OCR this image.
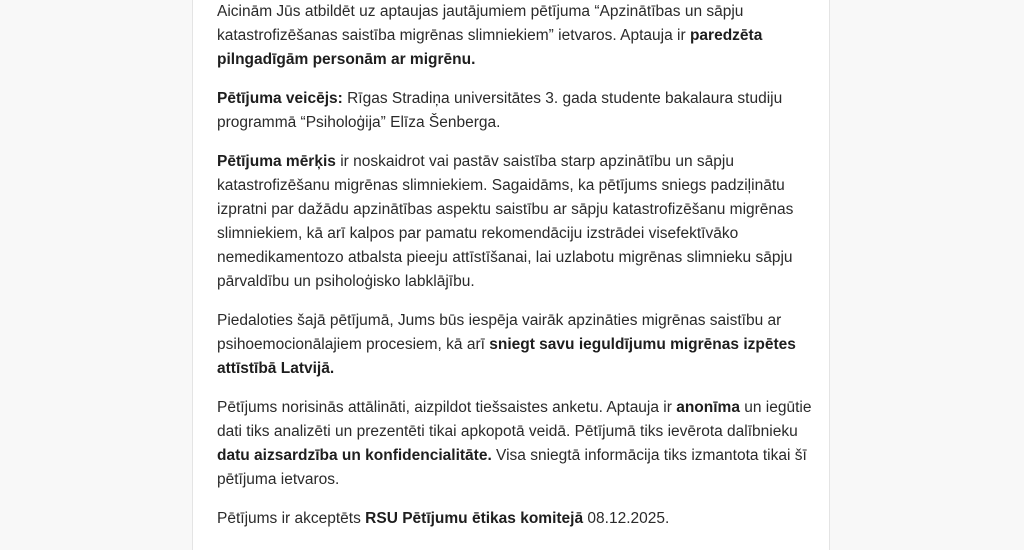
Aicinām Jūs atbildēt uz aptaujas jautājumiem pētījuma “Apzinātības un sāpju katastrofizēšanas saistība migrēnas slimniekiem” ietvaros. Aptauja ir paredzēta pilngadīgām personām ar migrēnu.

Pētījuma veicējs: Rīgas Stradiņa universitātes 3. gada studente bakalaura studiju programmā “Psiholoģija” Elīza Šenberga.

Pētījuma mērķis ir noskaidrot vai pastāv saistība starp apzinātību un sāpju katastrofizēšanu migrēnas slimniekiem. Sagaidāms, ka pētījums sniegs padziļinātu izpratni par dažādu apzinātības aspektu saistību ar sāpju katastrofizēšanu migrēnas slimniekiem, kā arī kalpos par pamatu rekomendāciju izstrādei visefektīvāko nemedikamentozo atbalsta pieeju attīstīšanai, lai uzlabotu migrēnas slimnieku sāpju pārvaldību un psiholoģisko labklājību.

Piedaloties šajā pētījumā, Jums būs iespēja vairāk apzināties migrēnas saistību ar psihoemocionālajiem procesiem, kā arī sniegt savu ieguldījumu migrēnas izpētes attīstībā Latvijā.

Pētījums norisinās attālināti, aizpildot tiešsaistes anketu. Aptauja ir anonīma un iegūtie dati tiks analizēti un prezentēti tikai apkopotā veidā. Pētījumā tiks ievērota dalībnieku datu aizsardzība un konfidencialitāte. Visa sniegtā informācija tiks izmantota tikai šī pētījuma ietvaros.

Pētījums ir akceptēts RSU Pētījumu ētikas komitejā 08.12.2025.
